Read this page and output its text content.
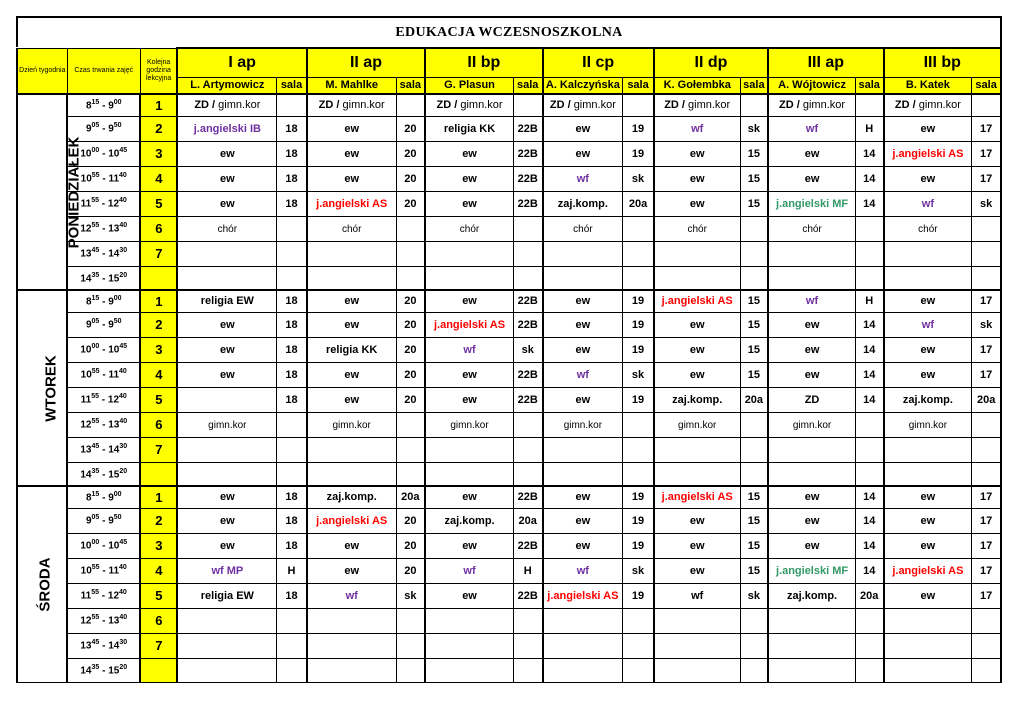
EDUKACJA WCZESNOSZKOLNA
Dzień tygodnia	Czas trwania zajęć	Kolejna godzina lekcyjna	I ap		II ap		II bp		II cp		II dp		III ap		III bp	
			L. Artymowicz	sala	M. Mahlke	sala	G. Plasun	sala	A. Kalczyńska	sala	K. Gołembka	sala	A. Wójtowicz	sala	B. Katek	sala
PONIEDZIAŁEK	$8^{15} - 9^{00}$	1	ZD / gimn.kor		ZD / gimn.kor		ZD / gimn.kor		ZD / gimn.kor		ZD / gimn.kor		ZD / gimn.kor		ZD / gimn.kor	
	$9^{05} - 9^{50}$	2	j.angielski IB	18	ew	20	religia KK	22B	ew	19	wf	sk	wf	H	ew	17
	$10^{00} - 10^{45}$	3	ew	18	ew	20	ew	22B	ew	19	ew	15	ew	14	j.angielski AS	17
	$10^{55} - 11^{40}$	4	ew	18	ew	20	ew	22B	wf	sk	ew	15	ew	14	ew	17
	$11^{55} - 12^{40}$	5	ew	18	j.angielski AS	20	ew	22B	zaj.komp.	20a	ew	15	j.angielski MF	14	wf	sk
	$12^{55} - 13^{40}$	6	chór		chór		chór		chór		chór		chór		chór	
	$13^{45} - 14^{30}$	7														
	$14^{35} - 15^{20}$															
WTOREK	$8^{15} - 9^{00}$	1	religia EW	18	ew	20	ew	22B	ew	19	j.angielski AS	15	wf	H	ew	17
	$9^{05} - 9^{50}$	2	ew	18	ew	20	j.angielski AS	22B	ew	19	ew	15	ew	14	wf	sk
	$10^{00} - 10^{45}$	3	ew	18	religia KK	20	wf	sk	ew	19	ew	15	ew	14	ew	17
	$10^{55} - 11^{40}$	4	ew	18	ew	20	ew	22B	wf	sk	ew	15	ew	14	ew	17
	$11^{55} - 12^{40}$	5		18	ew	20	ew	22B	ew	19	zaj.komp.	20a	ZD	14	zaj.komp.	20a
	$12^{55} - 13^{40}$	6	gimn.kor		gimn.kor		gimn.kor		gimn.kor		gimn.kor		gimn.kor		gimn.kor	
	$13^{45} - 14^{30}$	7														
	$14^{35} - 15^{20}$															
ŚRODA	$8^{15} - 9^{00}$	1	ew	18	zaj.komp.	20a	ew	22B	ew	19	j.angielski AS	15	ew	14	ew	17
	$9^{05} - 9^{50}$	2	ew	18	j.angielski AS	20	zaj.komp.	20a	ew	19	ew	15	ew	14	ew	17
	$10^{00} - 10^{45}$	3	ew	18	ew	20	ew	22B	ew	19	ew	15	ew	14	ew	17
	$10^{55} - 11^{40}$	4	wf MP	H	ew	20	wf	H	wf	sk	ew	15	j.angielski MF	14	j.angielski AS	17
	$11^{55} - 12^{40}$	5	religia EW	18	wf	sk	ew	22B	j.angielski AS	19	wf	sk	zaj.komp.	20a	ew	17
	$12^{55} - 13^{40}$	6														
	$13^{45} - 14^{30}$	7														
	$14^{35} - 15^{20}$															
